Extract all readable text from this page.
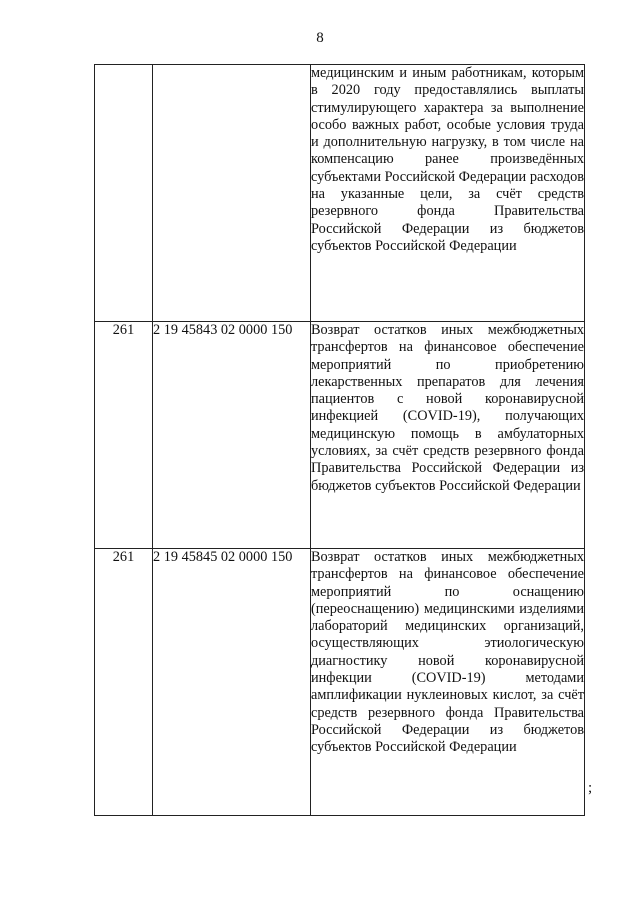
8
		медицинским и иным работникам, которым в 2020 году предоставлялись выплаты стимулирующего характера за выполнение особо важных работ, особые условия труда и дополнительную нагрузку, в том числе на компенсацию ранее произведённых субъектами Российской Федерации расходов на указанные цели, за счёт средств резервного фонда Правительства Российской Федерации из бюджетов субъектов Российской Федерации
261	2 19 45843 02 0000 150	Возврат остатков иных межбюджетных трансфертов на финансовое обеспечение мероприятий по приобретению лекарственных препаратов для лечения пациентов с новой коронавирусной инфекцией (COVID-19), получающих медицинскую помощь в амбулаторных условиях, за счёт средств резервного фонда Правительства Российской Федерации из бюджетов субъектов Российской Федерации
261	2 19 45845 02 0000 150	Возврат остатков иных межбюджетных трансфертов на финансовое обеспечение мероприятий по оснащению (переоснащению) медицинскими изделиями лабораторий медицинских организаций, осуществляющих этиологическую диагностику новой коронавирусной инфекции (COVID-19) методами амплификации нуклеиновых кислот, за счёт средств резервного фонда Правительства Российской Федерации из бюджетов субъектов Российской Федерации
;
